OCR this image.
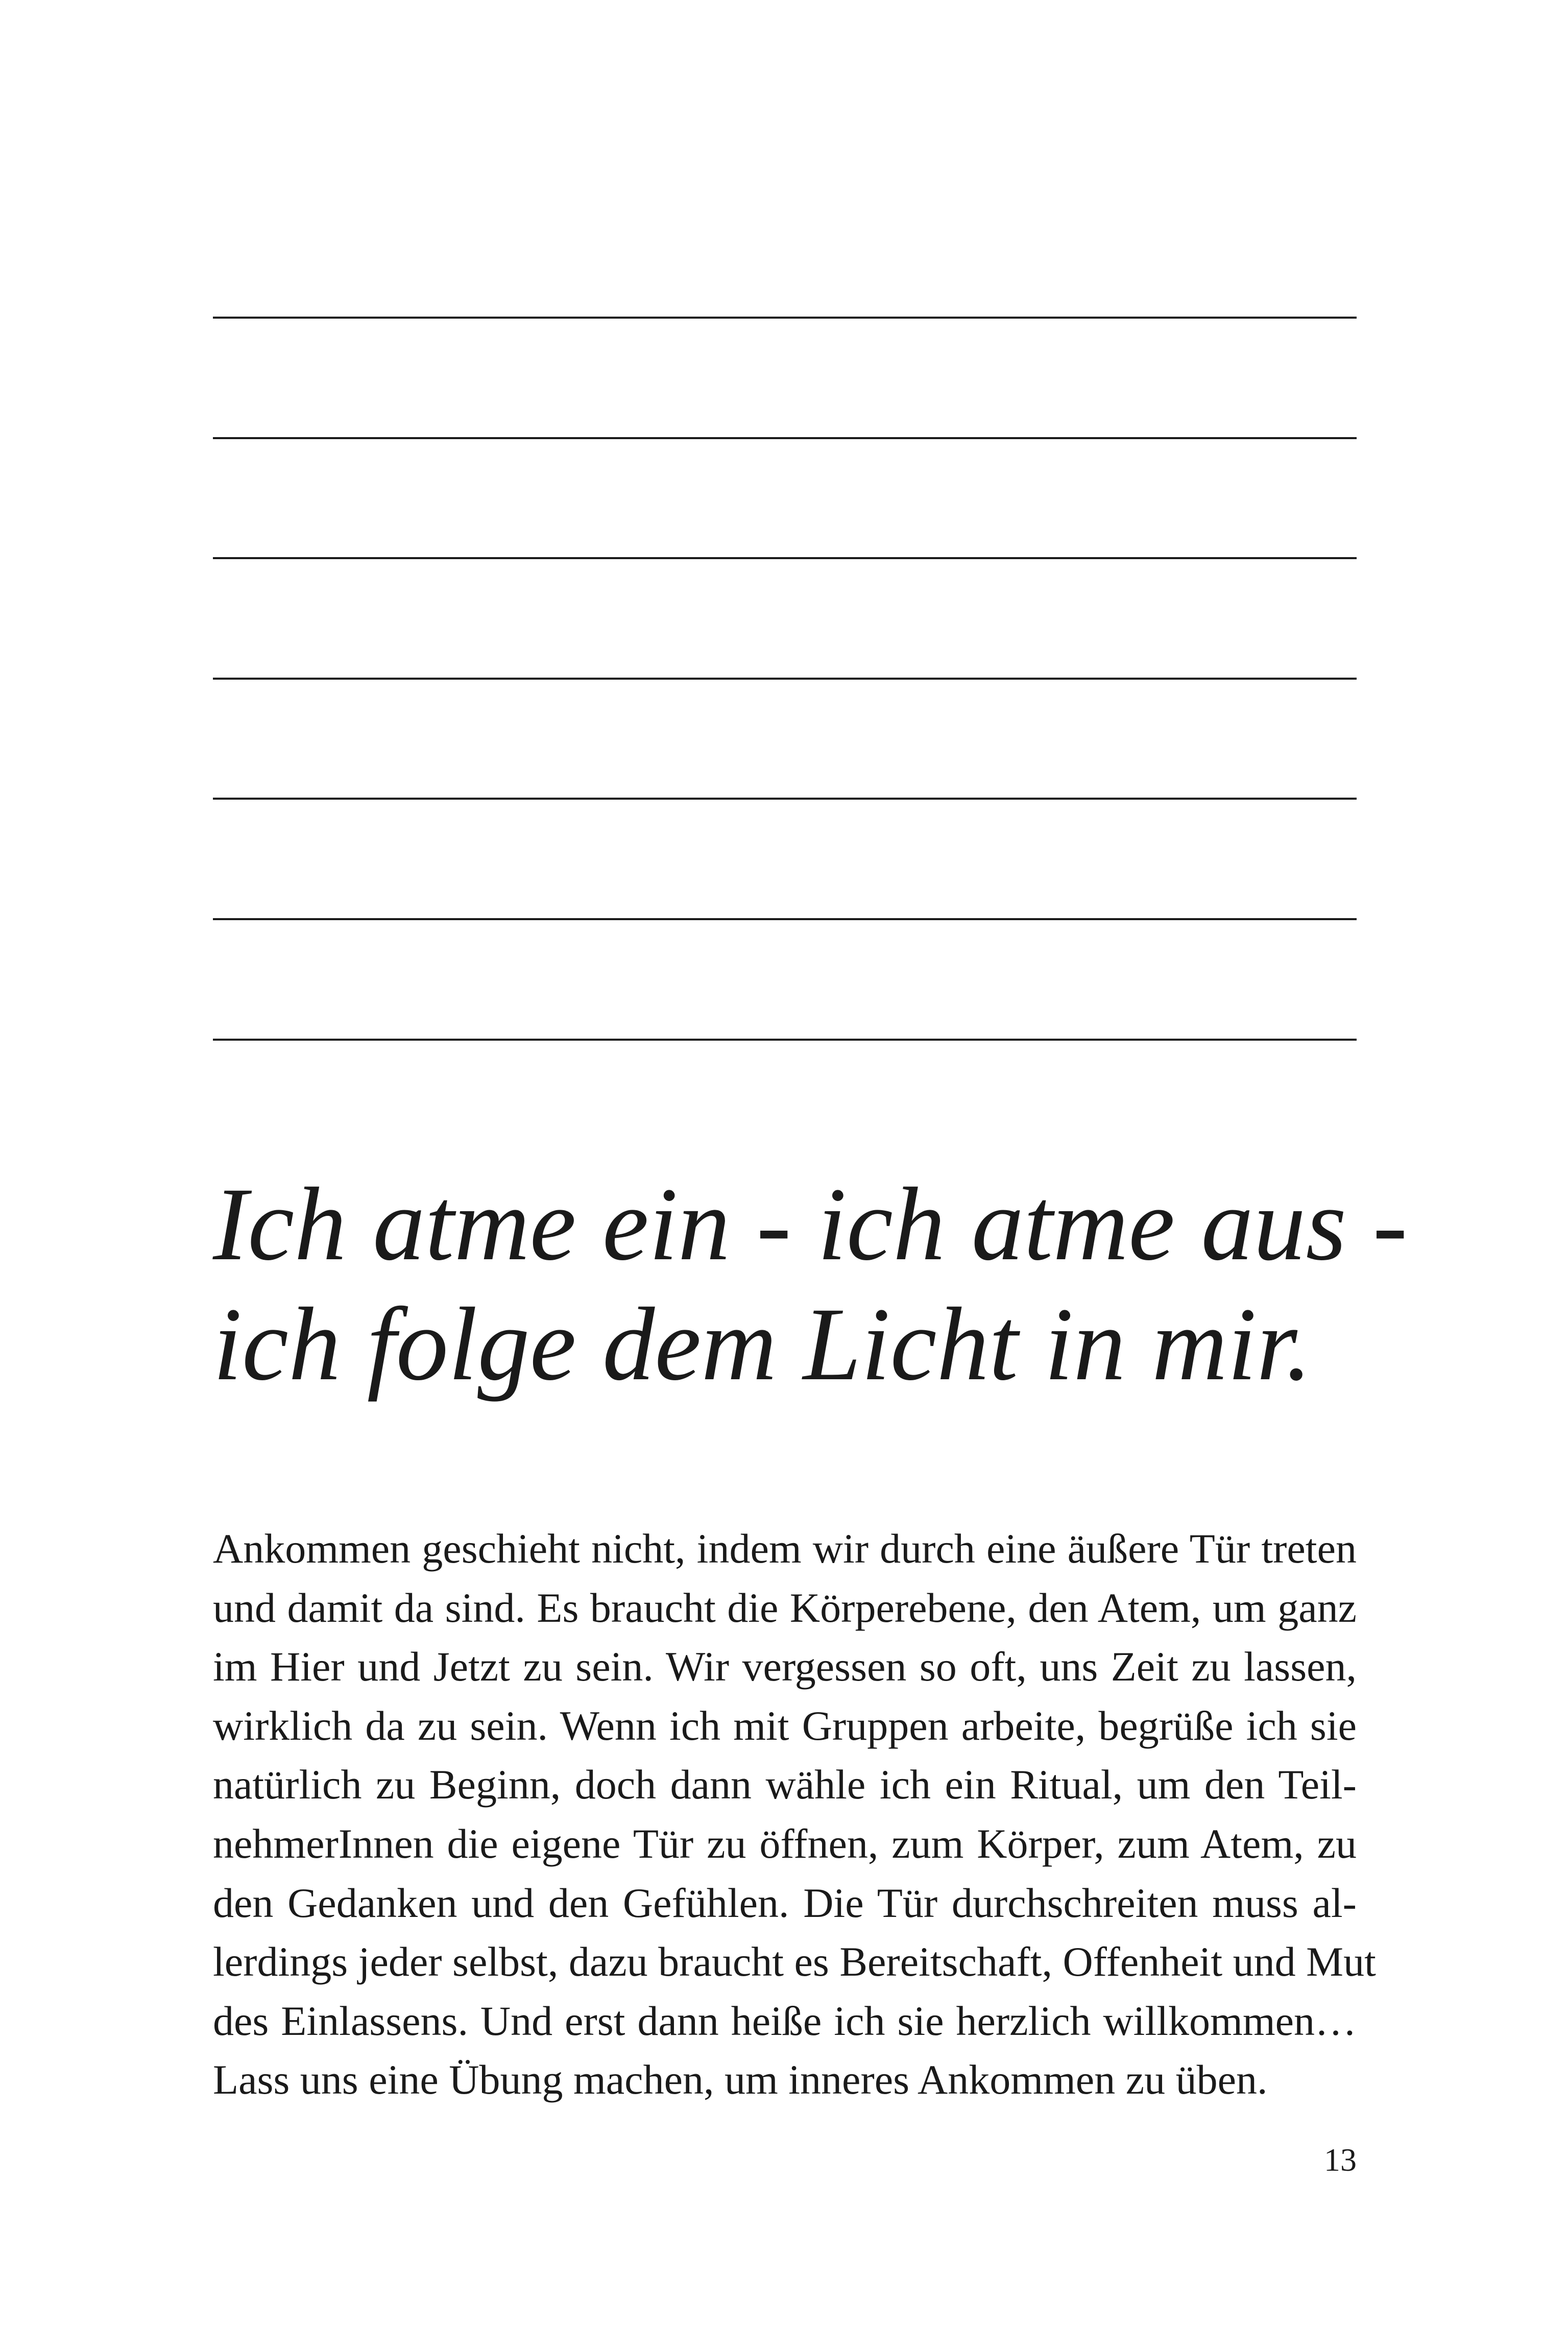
Ich atme ein - ich atme aus -
ich folge dem Licht in mir.
Ankommen geschieht nicht, indem wir durch eine äußere Tür treten
und damit da sind. Es braucht die Körperebene, den Atem, um ganz
im Hier und Jetzt zu sein. Wir vergessen so oft, uns Zeit zu lassen,
wirklich da zu sein. Wenn ich mit Gruppen arbeite, begrüße ich sie
natürlich zu Beginn, doch dann wähle ich ein Ritual, um den Teil-
nehmerInnen die eigene Tür zu öffnen, zum Körper, zum Atem, zu
den Gedanken und den Gefühlen. Die Tür durchschreiten muss al-
lerdings jeder selbst, dazu braucht es Bereitschaft, Offenheit und Mut
des Einlassens. Und erst dann heiße ich sie herzlich willkommen…
Lass uns eine Übung machen, um inneres Ankommen zu üben.
13
